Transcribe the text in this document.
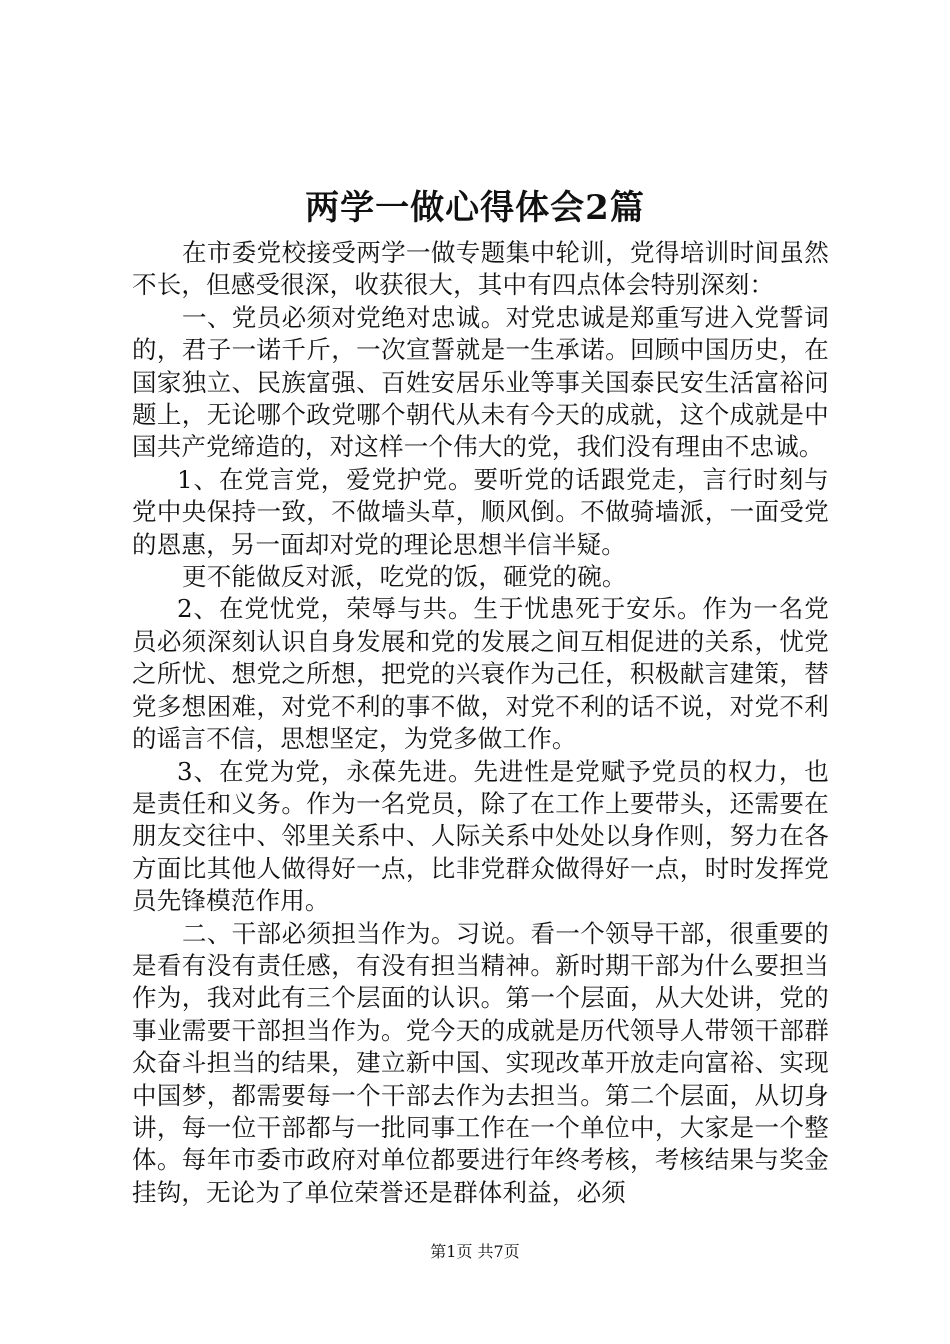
两学一做心得体会2篇

在市委党校接受两学一做专题集中轮训，党得培训时间虽然不长，但感受很深，收获很大，其中有四点体会特别深刻：

一、党员必须对党绝对忠诚。对党忠诚是郑重写进入党誓词的，君子一诺千斤，一次宣誓就是一生承诺。回顾中国历史，在国家独立、民族富强、百姓安居乐业等事关国泰民安生活富裕问题上，无论哪个政党哪个朝代从未有今天的成就，这个成就是中国共产党缔造的，对这样一个伟大的党，我们没有理由不忠诚。

1、在党言党，爱党护党。要听党的话跟党走，言行时刻与党中央保持一致，不做墙头草，顺风倒。不做骑墙派，一面受党的恩惠，另一面却对党的理论思想半信半疑。

更不能做反对派，吃党的饭，砸党的碗。

2、在党忧党，荣辱与共。生于忧患死于安乐。作为一名党员必须深刻认识自身发展和党的发展之间互相促进的关系，忧党之所忧、想党之所想，把党的兴衰作为己任，积极献言建策，替党多想困难，对党不利的事不做，对党不利的话不说，对党不利的谣言不信，思想坚定，为党多做工作。

3、在党为党，永葆先进。先进性是党赋予党员的权力，也是责任和义务。作为一名党员，除了在工作上要带头，还需要在朋友交往中、邻里关系中、人际关系中处处以身作则，努力在各方面比其他人做得好一点，比非党群众做得好一点，时时发挥党员先锋模范作用。

二、干部必须担当作为。习说。看一个领导干部，很重要的是看有没有责任感，有没有担当精神。新时期干部为什么要担当作为，我对此有三个层面的认识。第一个层面，从大处讲，党的事业需要干部担当作为。党今天的成就是历代领导人带领干部群众奋斗担当的结果，建立新中国、实现改革开放走向富裕、实现中国梦，都需要每一个干部去作为去担当。第二个层面，从切身讲，每一位干部都与一批同事工作在一个单位中，大家是一个整体。每年市委市政府对单位都要进行年终考核，考核结果与奖金挂钩，无论为了单位荣誉还是群体利益，必须

第1页 共7页
